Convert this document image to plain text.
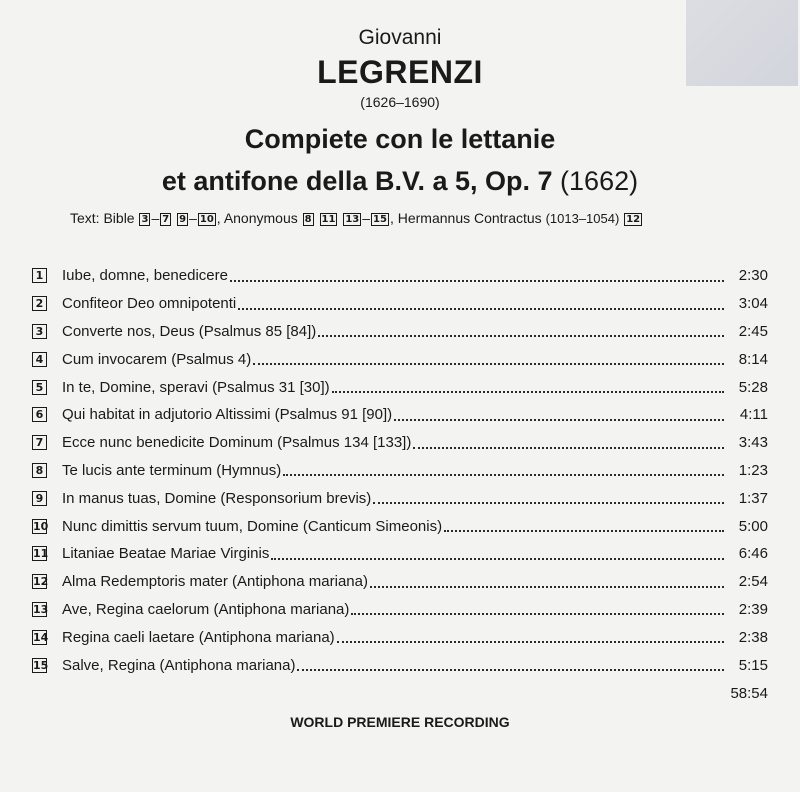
Giovanni
LEGRENZI
(1626–1690)
Compiete con le lettanie
et antifone della B.V. a 5, Op. 7 (1662)
Text: Bible 3 – 7 9 – 10 , Anonymous 8 11 13 – 15 , Hermannus Contractus (1013–1054) 12
1 Iube, domne, benedicere	2:30
2 Confiteor Deo omnipotenti	3:04
3 Converte nos, Deus (Psalmus 85 [84])	2:45
4 Cum invocarem (Psalmus 4)	8:14
5 In te, Domine, speravi (Psalmus 31 [30])	5:28
6 Qui habitat in adjutorio Altissimi (Psalmus 91 [90])	4:11
7 Ecce nunc benedicite Dominum (Psalmus 134 [133])	3:43
8 Te lucis ante terminum (Hymnus)	1:23
9 In manus tuas, Domine (Responsorium brevis)	1:37
10 Nunc dimittis servum tuum, Domine (Canticum Simeonis)	5:00
11 Litaniae Beatae Mariae Virginis	6:46
12 Alma Redemptoris mater (Antiphona mariana)	2:54
13 Ave, Regina caelorum (Antiphona mariana)	2:39
14 Regina caeli laetare (Antiphona mariana)	2:38
15 Salve, Regina (Antiphona mariana)	5:15
58:54
WORLD PREMIERE RECORDING
